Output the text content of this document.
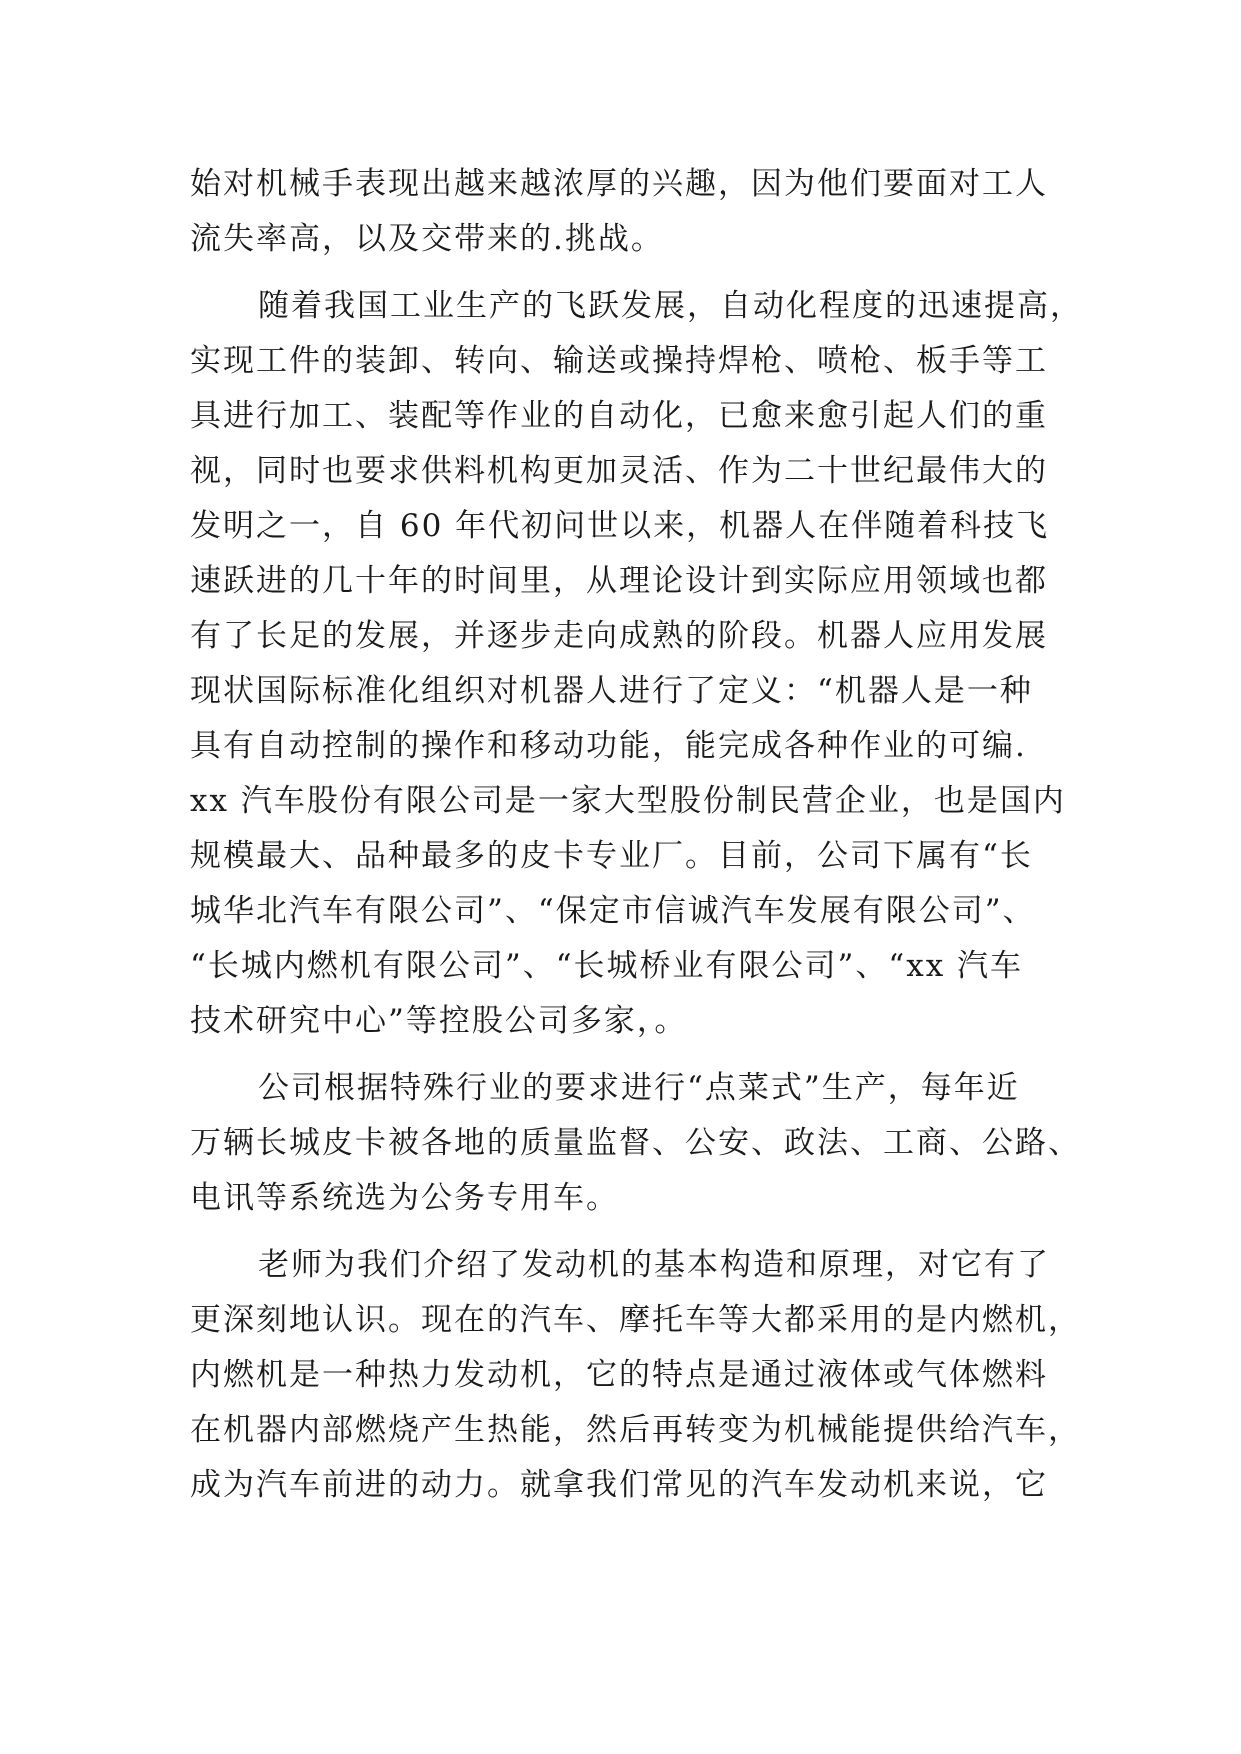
始对机械手表现出越来越浓厚的兴趣，因为他们要面对工人
流失率高，以及交带来的.挑战。
随着我国工业生产的飞跃发展，自动化程度的迅速提高，
实现工件的装卸、转向、输送或操持焊枪、喷枪、板手等工
具进行加工、装配等作业的自动化，已愈来愈引起人们的重
视，同时也要求供料机构更加灵活、作为二十世纪最伟大的
发明之一，自 60 年代初问世以来，机器人在伴随着科技飞
速跃进的几十年的时间里，从理论设计到实际应用领域也都
有了长足的发展，并逐步走向成熟的阶段。机器人应用发展
现状国际标准化组织对机器人进行了定义：“机器人是一种
具有自动控制的操作和移动功能，能完成各种作业的可编.
xx 汽车股份有限公司是一家大型股份制民营企业，也是国内
规模最大、品种最多的皮卡专业厂。目前，公司下属有“长
城华北汽车有限公司”、“保定市信诚汽车发展有限公司”、
“长城内燃机有限公司”、“长城桥业有限公司”、“xx 汽车
技术研究中心”等控股公司多家，。
公司根据特殊行业的要求进行“点菜式”生产，每年近
万辆长城皮卡被各地的质量监督、公安、政法、工商、公路、
电讯等系统选为公务专用车。
老师为我们介绍了发动机的基本构造和原理，对它有了
更深刻地认识。现在的汽车、摩托车等大都采用的是内燃机，
内燃机是一种热力发动机，它的特点是通过液体或气体燃料
在机器内部燃烧产生热能，然后再转变为机械能提供给汽车，
成为汽车前进的动力。就拿我们常见的汽车发动机来说，它
